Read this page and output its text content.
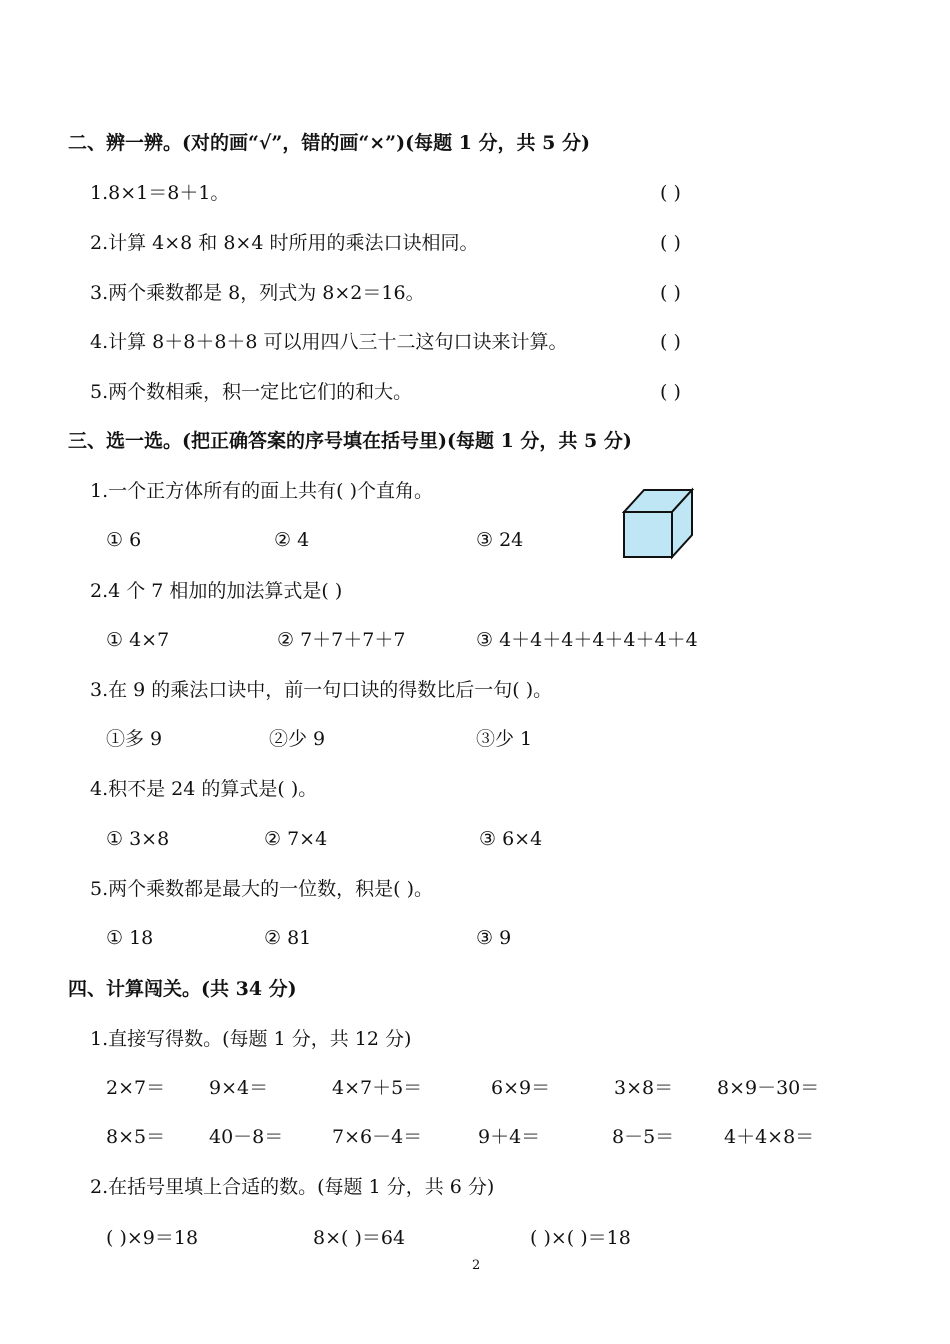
二、辨一辨。(对的画“√”，错的画“×”)(每题 1 分，共 5 分)
1.8×1＝8＋1。	( )
2.计算 4×8 和 8×4 时所用的乘法口诀相同。	( )
3.两个乘数都是 8，列式为 8×2＝16。	( )
4.计算 8＋8＋8＋8 可以用四八三十二这句口诀来计算。	( )
5.两个数相乘，积一定比它们的和大。	( )
三、选一选。(把正确答案的序号填在括号里)(每题 1 分，共 5 分)
1.一个正方体所有的面上共有( )个直角。
① 6	② 4	③ 24
2.4 个 7 相加的加法算式是( )
① 4×7	② 7＋7＋7＋7	③ 4＋4＋4＋4＋4＋4＋4
3.在 9 的乘法口诀中，前一句口诀的得数比后一句( )。
①多 9	②少 9	③少 1
4.积不是 24 的算式是( )。
① 3×8	② 7×4	③ 6×4
5.两个乘数都是最大的一位数，积是( )。
① 18	② 81	③ 9
四、计算闯关。(共 34 分)
1.直接写得数。(每题 1 分，共 12 分)
2×7＝ 9×4＝	4×7＋5＝	6×9＝	3×8＝ 8×9－30＝
8×5＝ 40－8＝	7×6－4＝	9＋4＝	8－5＝	4＋4×8＝
2.在括号里填上合适的数。(每题 1 分，共 6 分)
( )×9＝18	8×( )＝64	( )×( )＝18
2
